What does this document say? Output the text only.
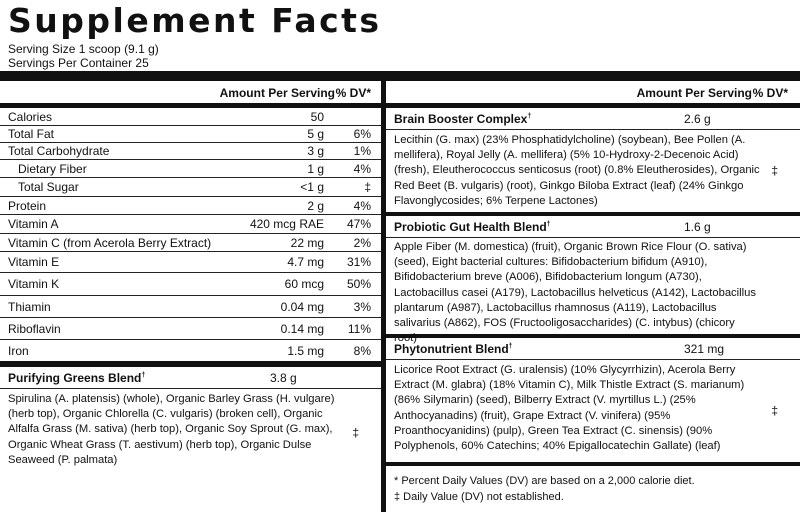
Supplement Facts
Serving Size 1 scoop (9.1 g)
Servings Per Container 25
Amount Per Serving % DV*
Calories	50
Total Fat	5 g 6%
Total Carbohydrate	3 g 1%
Dietary Fiber	1 g 4%
Total Sugar	<1 g	‡
Protein	2 g 4%
Vitamin A	420 mcg RAE 47%
Vitamin C (from Acerola Berry Extract)	22 mg 2%
Vitamin E	4.7 mg 31%
Vitamin K	60 mcg 50%
Thiamin	0.04 mg 3%
Riboflavin	0.14 mg 11%
Iron	1.5 mg 8%
Purifying Greens Blend†	3.8 g
Spirulina (A. platensis) (whole), Organic Barley Grass (H. vulgare) (herb top), Organic Chlorella (C. vulgaris) (broken cell), Organic Alfalfa Grass (M. sativa) (herb top), Organic Soy Sprout (G. max), Organic Wheat Grass (T. aestivum) (herb top), Organic Dulse Seaweed (P. palmata)
‡
Amount Per Serving % DV*
Brain Booster Complex†	2.6 g
Lecithin (G. max) (23% Phosphatidylcholine) (soybean), Bee Pollen (A. mellifera), Royal Jelly (A. mellifera) (5% 10-Hydroxy-2-Decenoic Acid) (fresh), Eleutherococcus senticosus (root) (0.8% Eleutherosides), Organic Red Beet (B. vulgaris) (root), Ginkgo Biloba Extract (leaf) (24% Ginkgo Flavonglycosides; 6% Terpene Lactones)
‡
Probiotic Gut Health Blend†	1.6 g
Apple Fiber (M. domestica) (fruit), Organic Brown Rice Flour (O. sativa) (seed), Eight bacterial cultures: Bifidobacterium bifidum (A910), Bifidobacterium breve (A006), Bifidobacterium longum (A730), Lactobacillus casei (A179), Lactobacillus helveticus (A142), Lactobacillus plantarum (A987), Lactobacillus rhamnosus (A119), Lactobacillus salivarius (A862), FOS (Fructooligosaccharides) (C. intybus) (chicory root)
Phytonutrient Blend†	321 mg
Licorice Root Extract (G. uralensis) (10% Glycyrrhizin), Acerola Berry Extract (M. glabra) (18% Vitamin C), Milk Thistle Extract (S. marianum) (86% Silymarin) (seed), Bilberry Extract (V. myrtillus L.) (25% Anthocyanadins) (fruit), Grape Extract (V. vinifera) (95% Proanthocyanidins) (pulp), Green Tea Extract (C. sinensis) (90% Polyphenols, 60% Catechins; 40% Epigallocatechin Gallate) (leaf)
‡
* Percent Daily Values (DV) are based on a 2,000 calorie diet.
‡ Daily Value (DV) not established.
